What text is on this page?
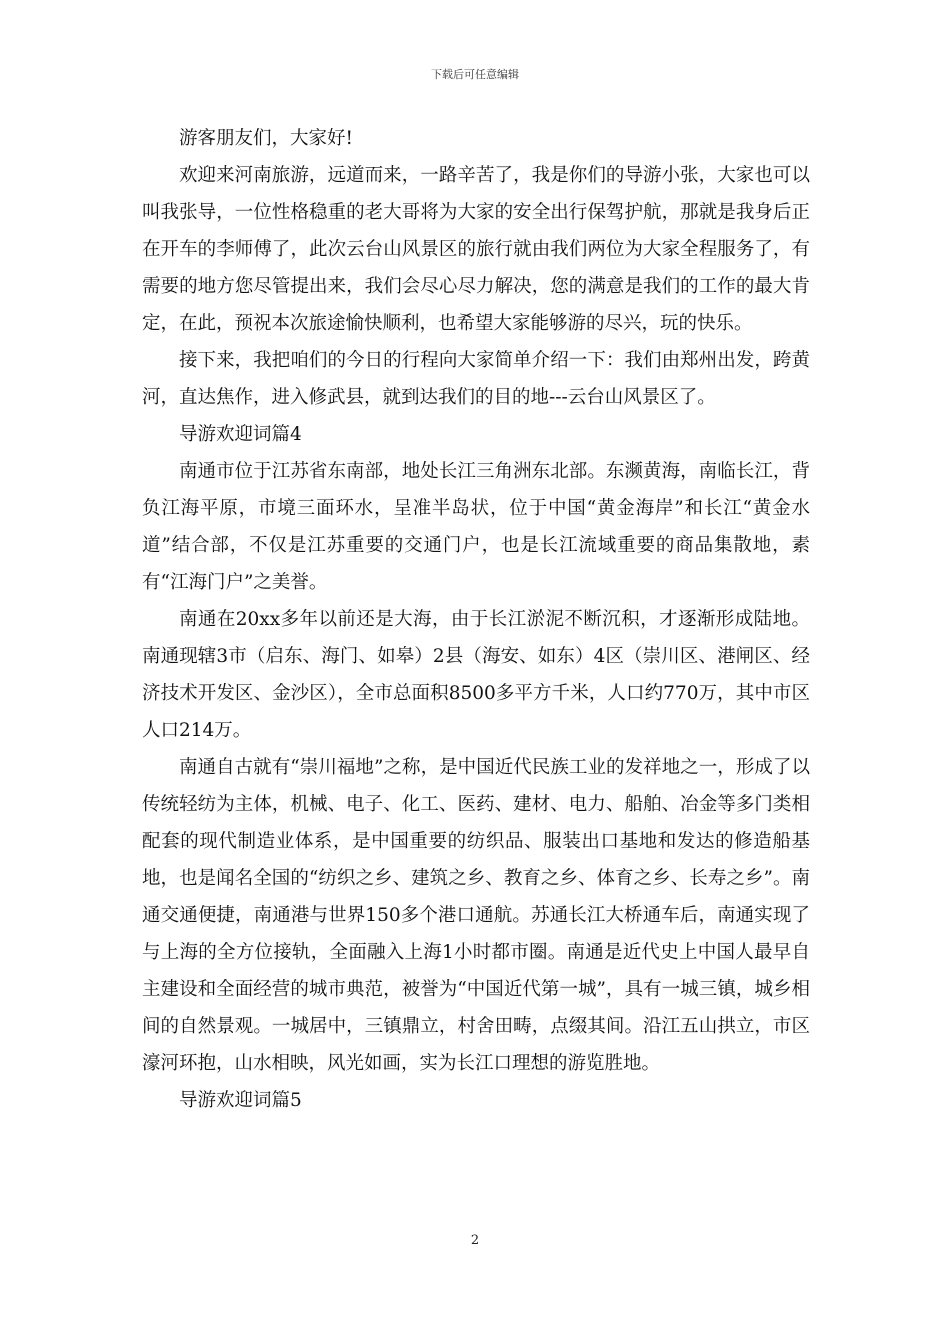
下载后可任意编辑

游客朋友们，大家好!

欢迎来河南旅游，远道而来，一路辛苦了，我是你们的导游小张，大家也可以叫我张导，一位性格稳重的老大哥将为大家的安全出行保驾护航，那就是我身后正在开车的李师傅了，此次云台山风景区的旅行就由我们两位为大家全程服务了，有需要的地方您尽管提出来，我们会尽心尽力解决，您的满意是我们的工作的最大肯定，在此，预祝本次旅途愉快顺利，也希望大家能够游的尽兴，玩的快乐。

接下来，我把咱们的今日的行程向大家简单介绍一下：我们由郑州出发，跨黄河，直达焦作，进入修武县，就到达我们的目的地---云台山风景区了。

导游欢迎词篇4

南通市位于江苏省东南部，地处长江三角洲东北部。东濒黄海，南临长江，背负江海平原，市境三面环水，呈准半岛状，位于中国“黄金海岸”和长江“黄金水道”结合部，不仅是江苏重要的交通门户，也是长江流域重要的商品集散地，素有“江海门户”之美誉。

南通在20xx多年以前还是大海，由于长江淤泥不断沉积，才逐渐形成陆地。南通现辖3市（启东、海门、如皋）2县（海安、如东）4区（崇川区、港闸区、经济技术开发区、金沙区），全市总面积8500多平方千米，人口约770万，其中市区人口214万。

南通自古就有“崇川福地”之称，是中国近代民族工业的发祥地之一，形成了以传统轻纺为主体，机械、电子、化工、医药、建材、电力、船舶、冶金等多门类相配套的现代制造业体系，是中国重要的纺织品、服装出口基地和发达的修造船基地，也是闻名全国的“纺织之乡、建筑之乡、教育之乡、体育之乡、长寿之乡”。南通交通便捷，南通港与世界150多个港口通航。苏通长江大桥通车后，南通实现了与上海的全方位接轨，全面融入上海1小时都市圈。南通是近代史上中国人最早自主建设和全面经营的城市典范，被誉为“中国近代第一城”，具有一城三镇，城乡相间的自然景观。一城居中，三镇鼎立，村舍田畴，点缀其间。沿江五山拱立，市区濠河环抱，山水相映，风光如画，实为长江口理想的游览胜地。

导游欢迎词篇5

2
